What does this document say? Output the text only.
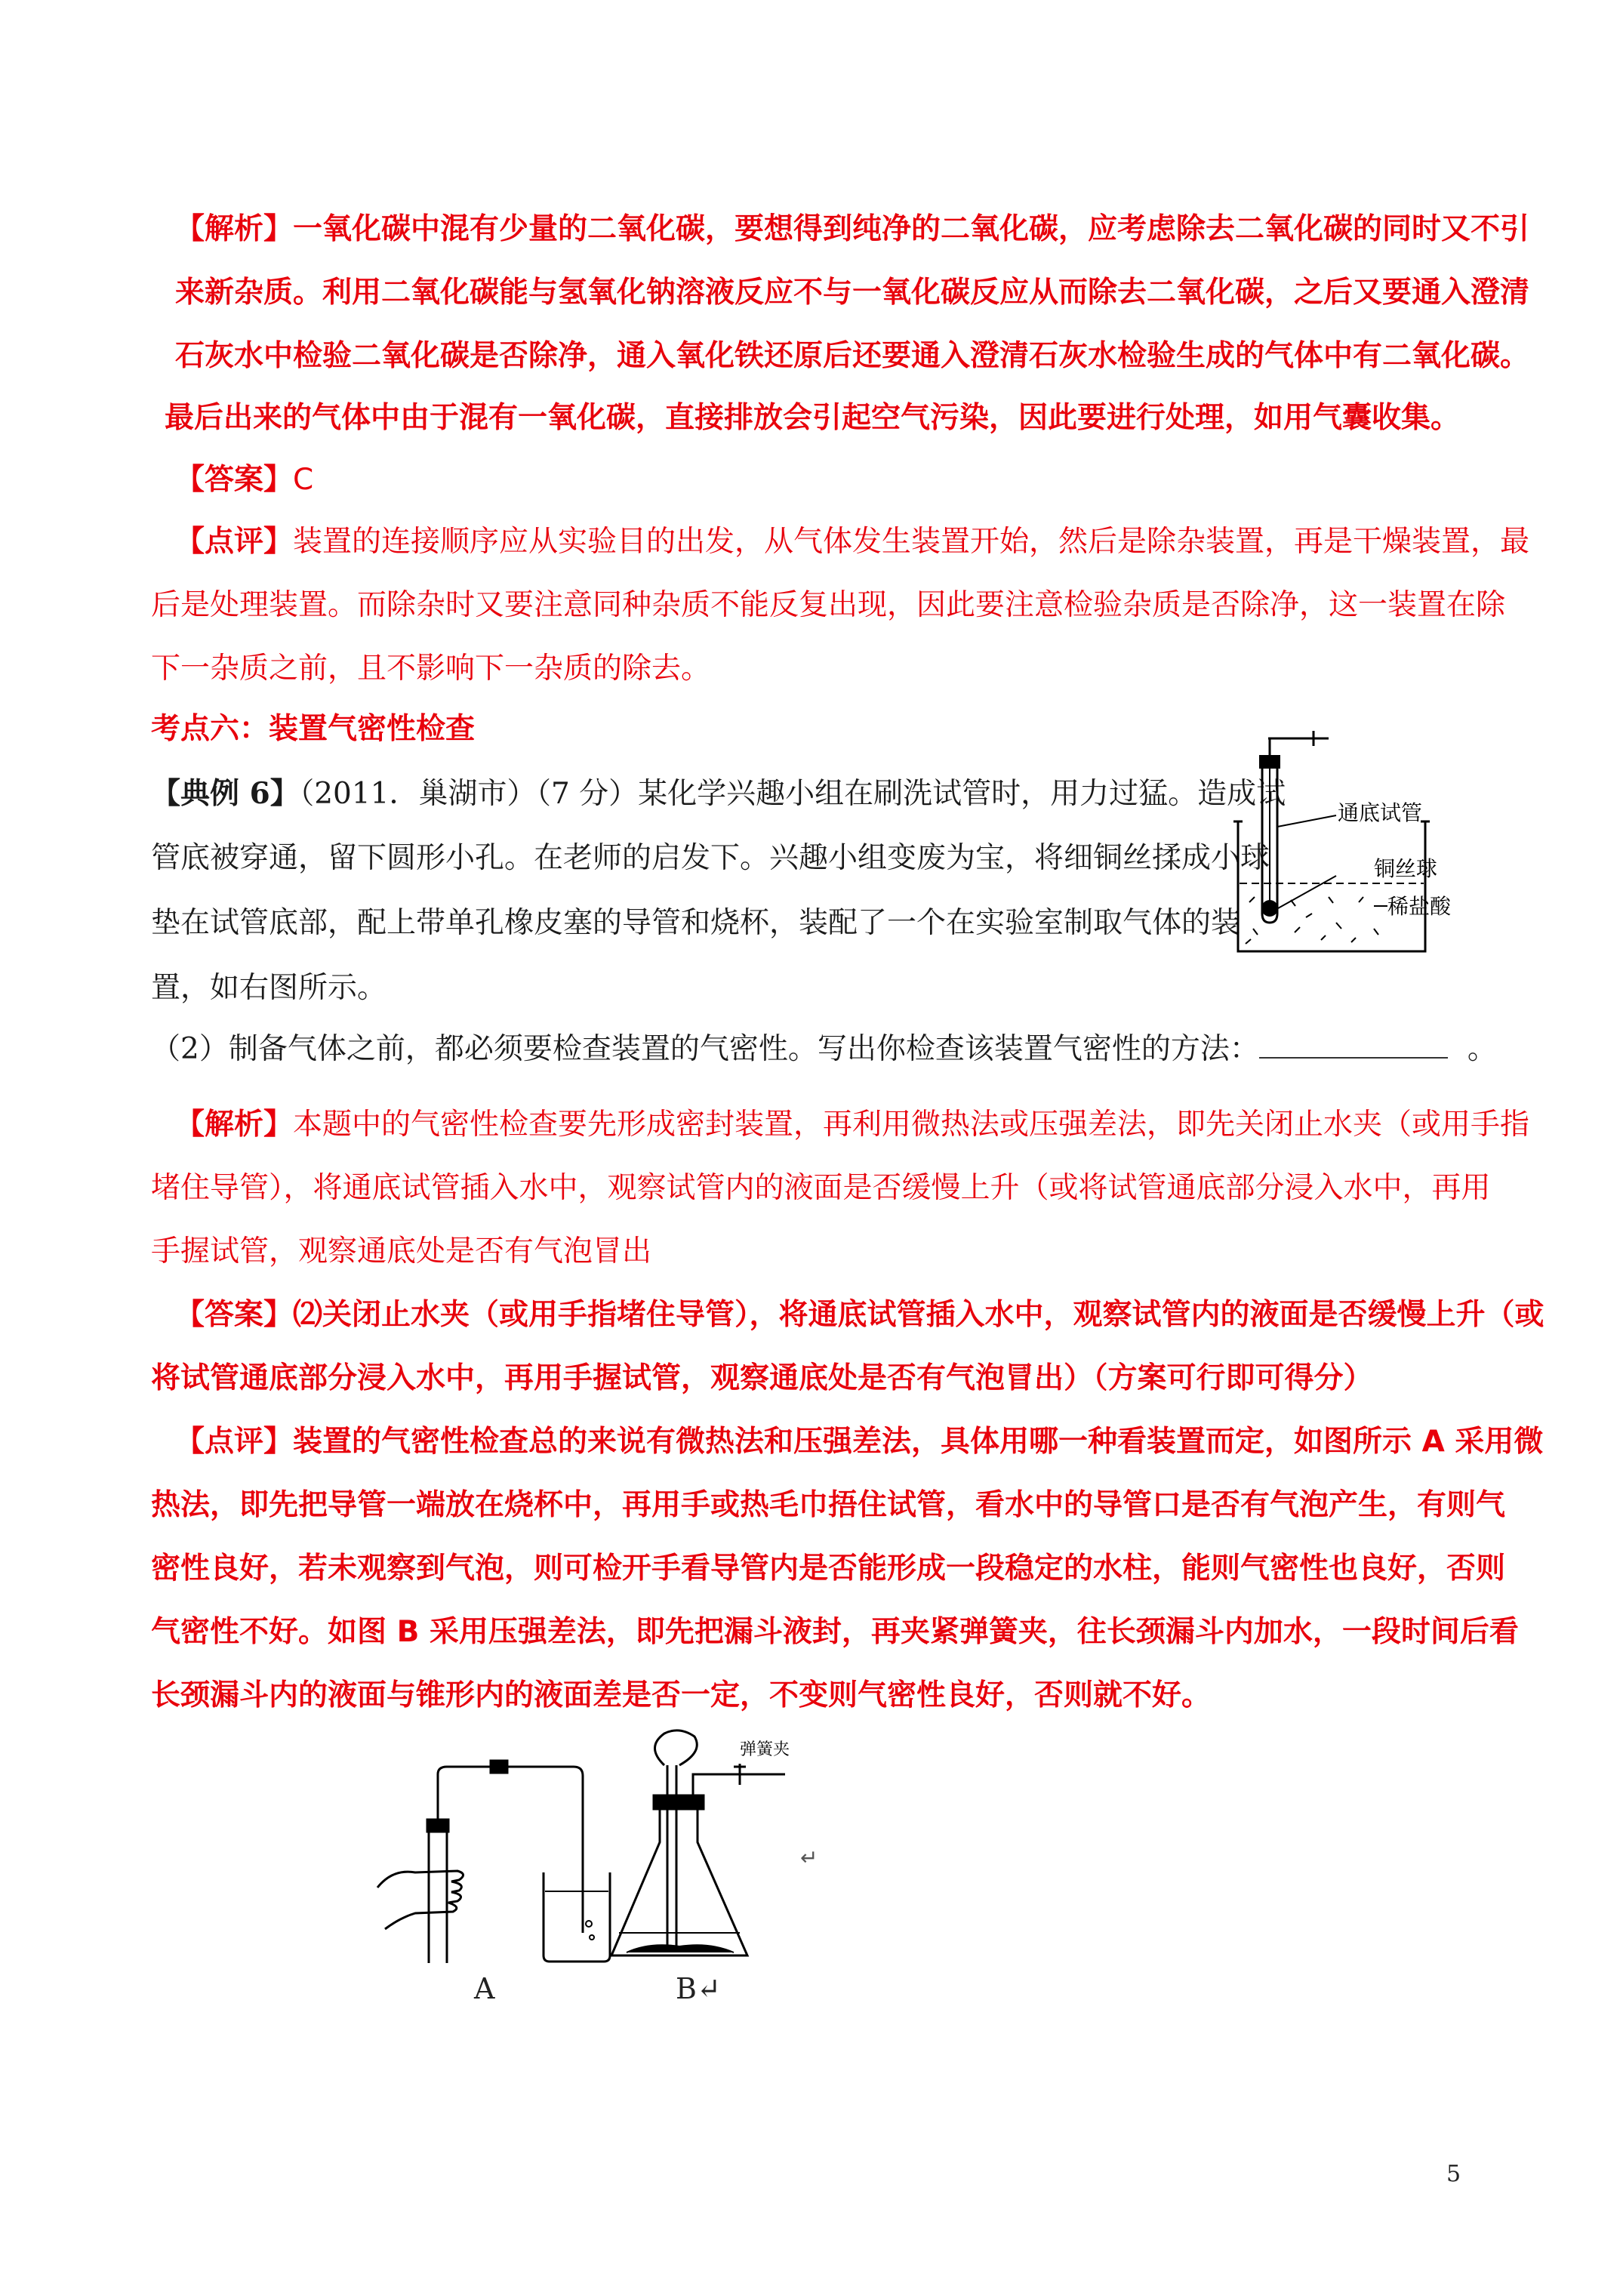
【解析】一氧化碳中混有少量的二氧化碳，要想得到纯净的二氧化碳，应考虑除去二氧化碳的同时又不引
来新杂质。利用二氧化碳能与氢氧化钠溶液反应不与一氧化碳反应从而除去二氧化碳，之后又要通入澄清
石灰水中检验二氧化碳是否除净，通入氧化铁还原后还要通入澄清石灰水检验生成的气体中有二氧化碳。
最后出来的气体中由于混有一氧化碳，直接排放会引起空气污染，因此要进行处理，如用气囊收集。
【答案】C
【点评】装置的连接顺序应从实验目的出发，从气体发生装置开始，然后是除杂装置，再是干燥装置，最
后是处理装置。而除杂时又要注意同种杂质不能反复出现，因此要注意检验杂质是否除净，这一装置在除
下一杂质之前，且不影响下一杂质的除去。
考点六：装置气密性检查
【典例 6】（2011．巢湖市）（7 分）某化学兴趣小组在刷洗试管时，用力过猛。造成试
管底被穿通，留下圆形小孔。在老师的启发下。兴趣小组变废为宝，将细铜丝揉成小球
垫在试管底部，配上带单孔橡皮塞的导管和烧杯，装配了一个在实验室制取气体的装
置，如右图所示。
（2）制备气体之前，都必须要检查装置的气密性。写出你检查该装置气密性的方法：	。
通底试管
铜丝球
稀盐酸
【解析】本题中的气密性检查要先形成密封装置，再利用微热法或压强差法，即先关闭止水夹（或用手指
堵住导管），将通底试管插入水中，观察试管内的液面是否缓慢上升（或将试管通底部分浸入水中，再用
手握试管，观察通底处是否有气泡冒出
【答案】⑵关闭止水夹（或用手指堵住导管），将通底试管插入水中，观察试管内的液面是否缓慢上升（或
将试管通底部分浸入水中，再用手握试管，观察通底处是否有气泡冒出）（方案可行即可得分）
【点评】装置的气密性检查总的来说有微热法和压强差法，具体用哪一种看装置而定，如图所示 A 采用微
热法，即先把导管一端放在烧杯中，再用手或热毛巾捂住试管，看水中的导管口是否有气泡产生，有则气
密性良好，若未观察到气泡，则可检开手看导管内是否能形成一段稳定的水柱，能则气密性也良好，否则
气密性不好。如图 B 采用压强差法，即先把漏斗液封，再夹紧弹簧夹，往长颈漏斗内加水，一段时间后看
长颈漏斗内的液面与锥形内的液面差是否一定，不变则气密性良好，否则就不好。
弹簧夹
↵
A	B↵
5
